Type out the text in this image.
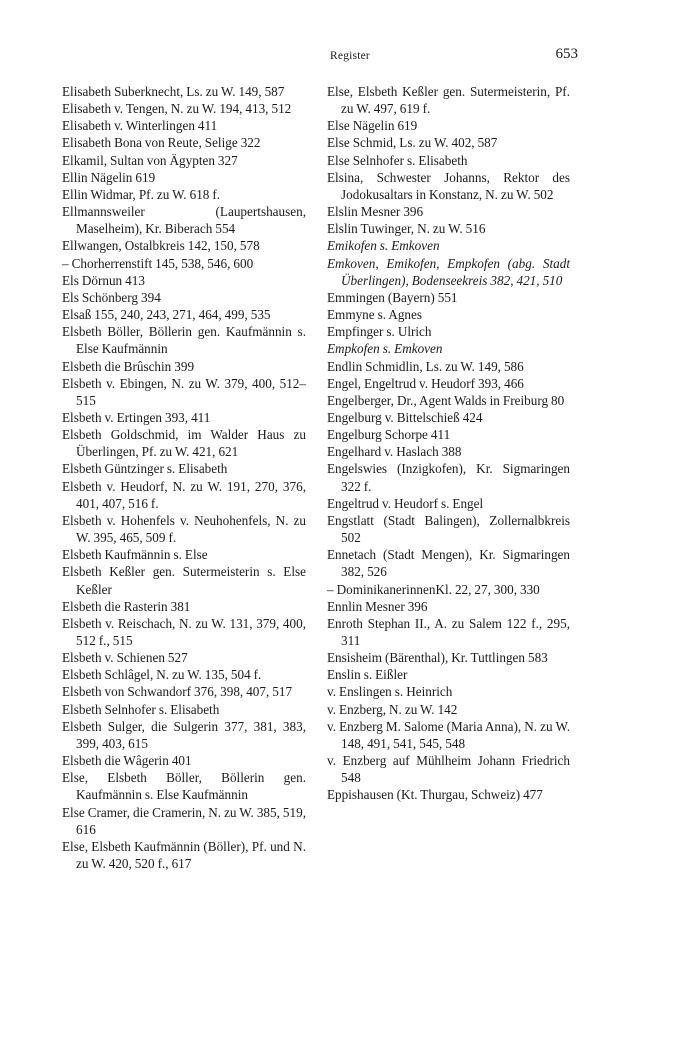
Register	653
Elisabeth Suberknecht, Ls. zu W. 149, 587
Elisabeth v. Tengen, N. zu W. 194, 413, 512
Elisabeth v. Winterlingen 411
Elisabeth Bona von Reute, Selige 322
Elkamil, Sultan von Ägypten 327
Ellin Nägelin 619
Ellin Widmar, Pf. zu W. 618 f.
Ellmannsweiler (Laupertshausen, Maselheim), Kr. Biberach 554
Ellwangen, Ostalbkreis 142, 150, 578
– Chorherrenstift 145, 538, 546, 600
Els Dörnun 413
Els Schönberg 394
Elsaß 155, 240, 243, 271, 464, 499, 535
Elsbeth Böller, Böllerin gen. Kaufmännin s. Else Kaufmännin
Elsbeth die Brûschin 399
Elsbeth v. Ebingen, N. zu W. 379, 400, 512–515
Elsbeth v. Ertingen 393, 411
Elsbeth Goldschmid, im Walder Haus zu Überlingen, Pf. zu W. 421, 621
Elsbeth Güntzinger s. Elisabeth
Elsbeth v. Heudorf, N. zu W. 191, 270, 376, 401, 407, 516 f.
Elsbeth v. Hohenfels v. Neuhohenfels, N. zu W. 395, 465, 509 f.
Elsbeth Kaufmännin s. Else
Elsbeth Keßler gen. Sutermeisterin s. Else Keßler
Elsbeth die Rasterin 381
Elsbeth v. Reischach, N. zu W. 131, 379, 400, 512 f., 515
Elsbeth v. Schienen 527
Elsbeth Schlâgel, N. zu W. 135, 504 f.
Elsbeth von Schwandorf 376, 398, 407, 517
Elsbeth Selnhofer s. Elisabeth
Elsbeth Sulger, die Sulgerin 377, 381, 383, 399, 403, 615
Elsbeth die Wâgerin 401
Else, Elsbeth Böller, Böllerin gen. Kaufmännin s. Else Kaufmännin
Else Cramer, die Cramerin, N. zu W. 385, 519, 616
Else, Elsbeth Kaufmännin (Böller), Pf. und N. zu W. 420, 520 f., 617
Else, Elsbeth Keßler gen. Sutermeisterin, Pf. zu W. 497, 619 f.
Else Nägelin 619
Else Schmid, Ls. zu W. 402, 587
Else Selnhofer s. Elisabeth
Elsina, Schwester Johanns, Rektor des Jodokusaltars in Konstanz, N. zu W. 502
Elslin Mesner 396
Elslin Tuwinger, N. zu W. 516
Emikofen s. Emkoven
Emkoven, Emikofen, Empkofen (abg. Stadt Überlingen), Bodenseekreis 382, 421, 510
Emmingen (Bayern) 551
Emmyne s. Agnes
Empfinger s. Ulrich
Empkofen s. Emkoven
Endlin Schmidlin, Ls. zu W. 149, 586
Engel, Engeltrud v. Heudorf 393, 466
Engelberger, Dr., Agent Walds in Freiburg 80
Engelburg v. Bittelschieß 424
Engelburg Schorpe 411
Engelhard v. Haslach 388
Engelswies (Inzigkofen), Kr. Sigmaringen 322 f.
Engeltrud v. Heudorf s. Engel
Engstlatt (Stadt Balingen), Zollernalbkreis 502
Ennetach (Stadt Mengen), Kr. Sigmaringen 382, 526
– DominikanerinnenKl. 22, 27, 300, 330
Ennlin Mesner 396
Enroth Stephan II., A. zu Salem 122 f., 295, 311
Ensisheim (Bärenthal), Kr. Tuttlingen 583
Enslin s. Eißler
v. Enslingen s. Heinrich
v. Enzberg, N. zu W. 142
v. Enzberg M. Salome (Maria Anna), N. zu W. 148, 491, 541, 545, 548
v. Enzberg auf Mühlheim Johann Friedrich 548
Eppishausen (Kt. Thurgau, Schweiz) 477
